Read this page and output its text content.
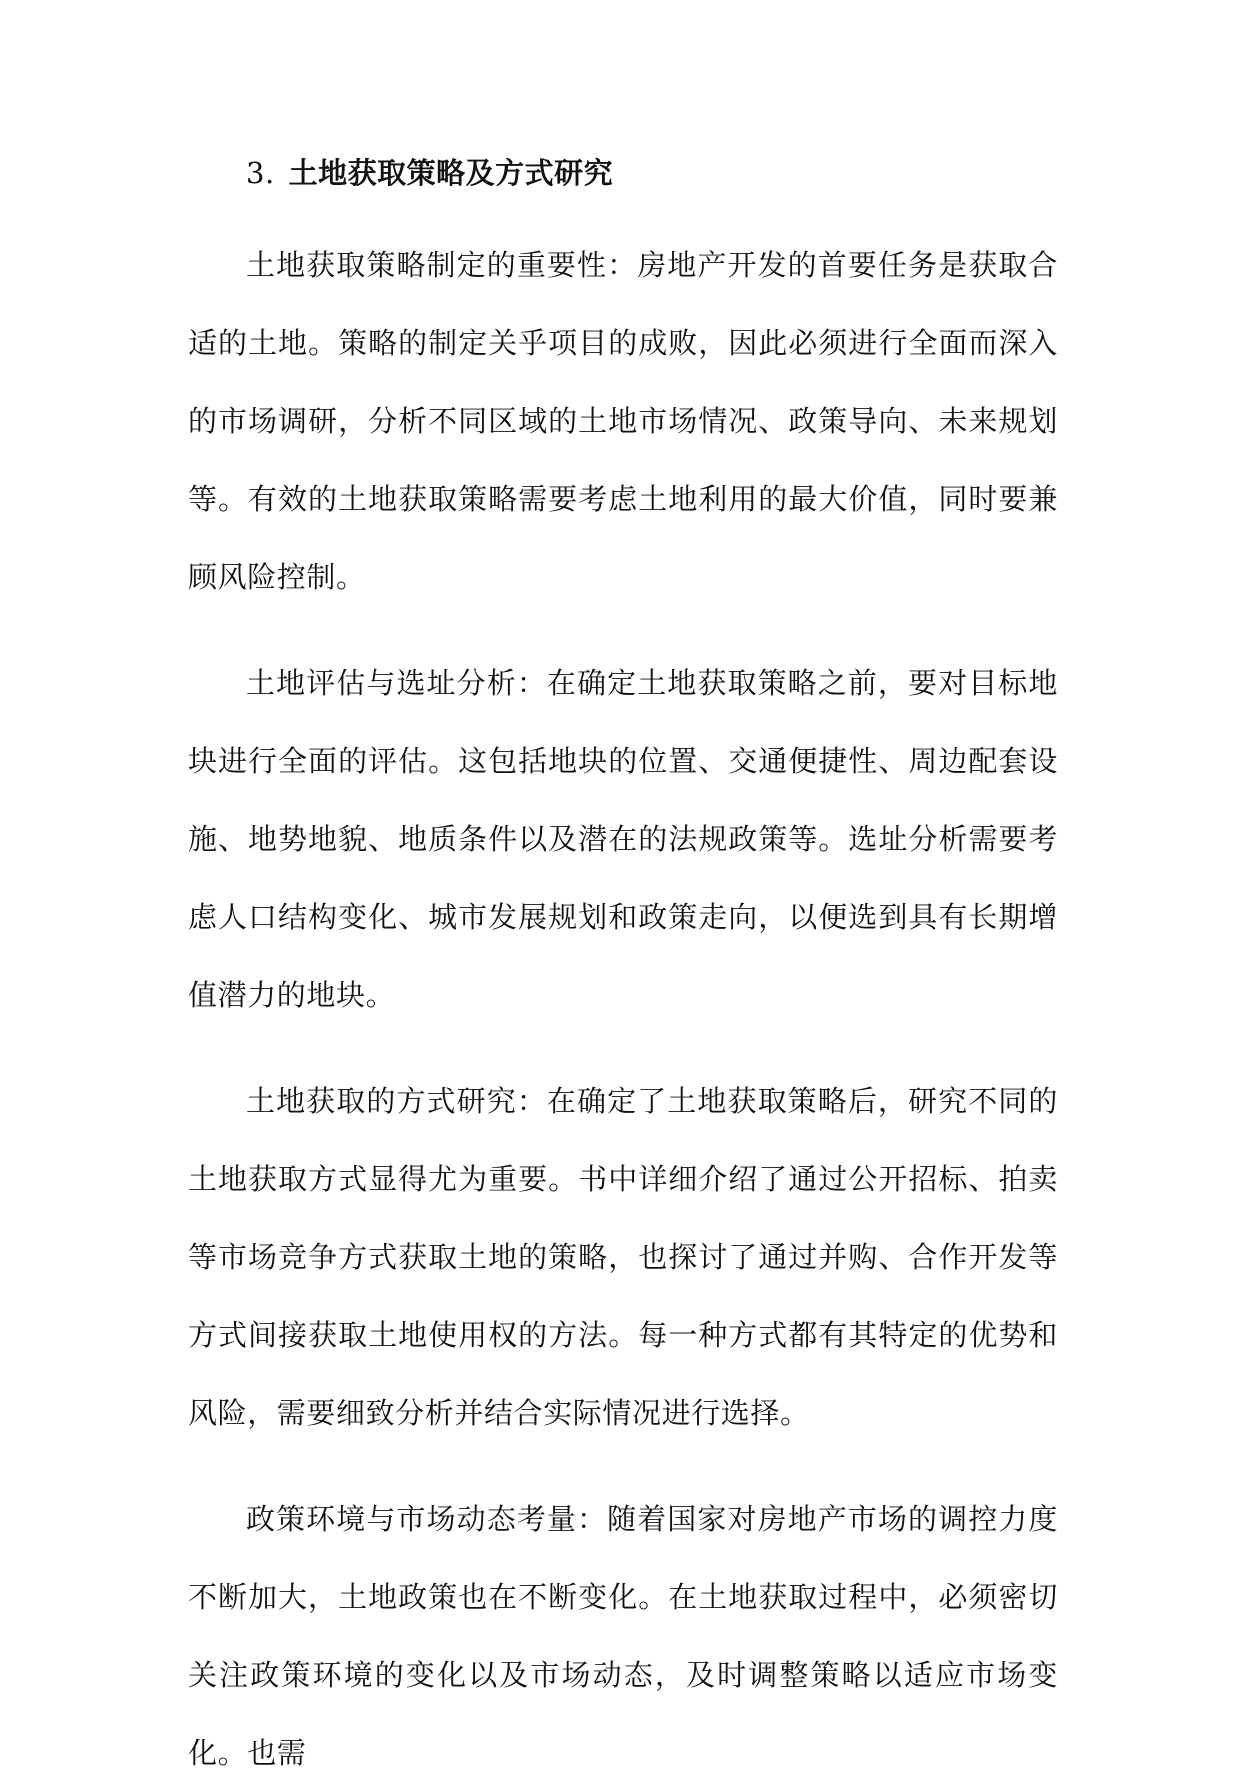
3. 土地获取策略及方式研究

土地获取策略制定的重要性：房地产开发的首要任务是获取合适的土地。策略的制定关乎项目的成败，因此必须进行全面而深入的市场调研，分析不同区域的土地市场情况、政策导向、未来规划等。有效的土地获取策略需要考虑土地利用的最大价值，同时要兼顾风险控制。

土地评估与选址分析：在确定土地获取策略之前，要对目标地块进行全面的评估。这包括地块的位置、交通便捷性、周边配套设施、地势地貌、地质条件以及潜在的法规政策等。选址分析需要考虑人口结构变化、城市发展规划和政策走向，以便选到具有长期增值潜力的地块。

土地获取的方式研究：在确定了土地获取策略后，研究不同的土地获取方式显得尤为重要。书中详细介绍了通过公开招标、拍卖等市场竞争方式获取土地的策略，也探讨了通过并购、合作开发等方式间接获取土地使用权的方法。每一种方式都有其特定的优势和风险，需要细致分析并结合实际情况进行选择。

政策环境与市场动态考量：随着国家对房地产市场的调控力度不断加大，土地政策也在不断变化。在土地获取过程中，必须密切关注政策环境的变化以及市场动态，及时调整策略以适应市场变化。也需
